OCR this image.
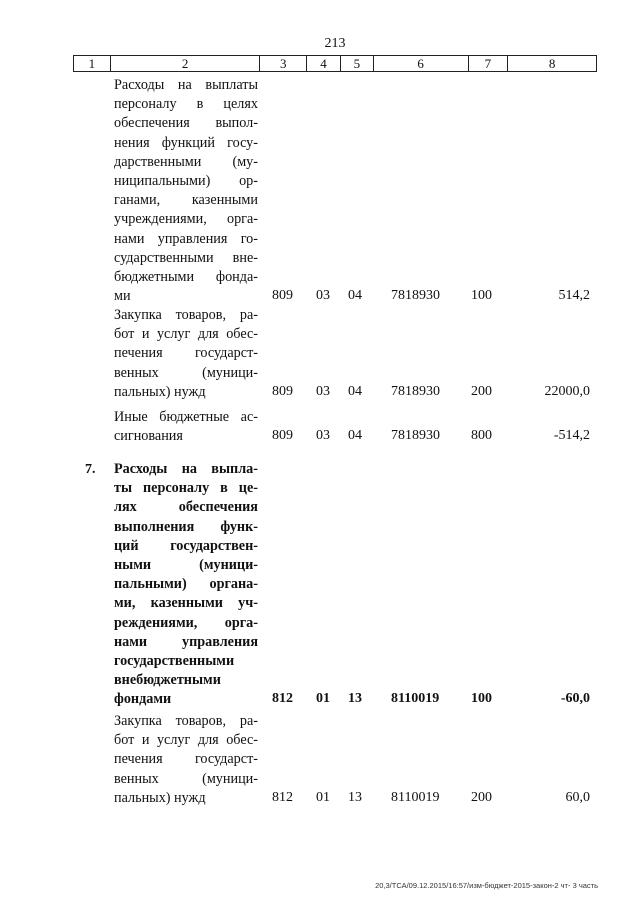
213
1	2	3	4	5	6	7	8
Расходы на выплаты
персоналу в целях
обеспечения выпол-
нения функций госу-
дарственными (му-
ниципальными) ор-
ганами, казенными
учреждениями, орга-
нами управления го-
сударственными вне-
бюджетными фонда-
ми	809 03 04 7818930 100	514,2
Закупка товаров, ра-
бот и услуг для обес-
печения государст-
венных (муници-
пальных) нужд	809 03 04 7818930 200	22000,0
Иные бюджетные ас-
сигнования	809 03 04 7818930 800	-514,2
7. Расходы на выпла-
ты персоналу в це-
лях обеспечения
выполнения функ-
ций государствен-
ными (муници-
пальными) органа-
ми, казенными уч-
реждениями, орга-
нами управления
государственными
внебюджетными
фондами	812 01 13 8110019 100	-60,0
Закупка товаров, ра-
бот и услуг для обес-
печения государст-
венных (муници-
пальных) нужд	812 01 13 8110019 200	60,0
20,3/ТСА/09.12.2015/16:57/изм-бюджет-2015-закон-2 чт- 3 часть
